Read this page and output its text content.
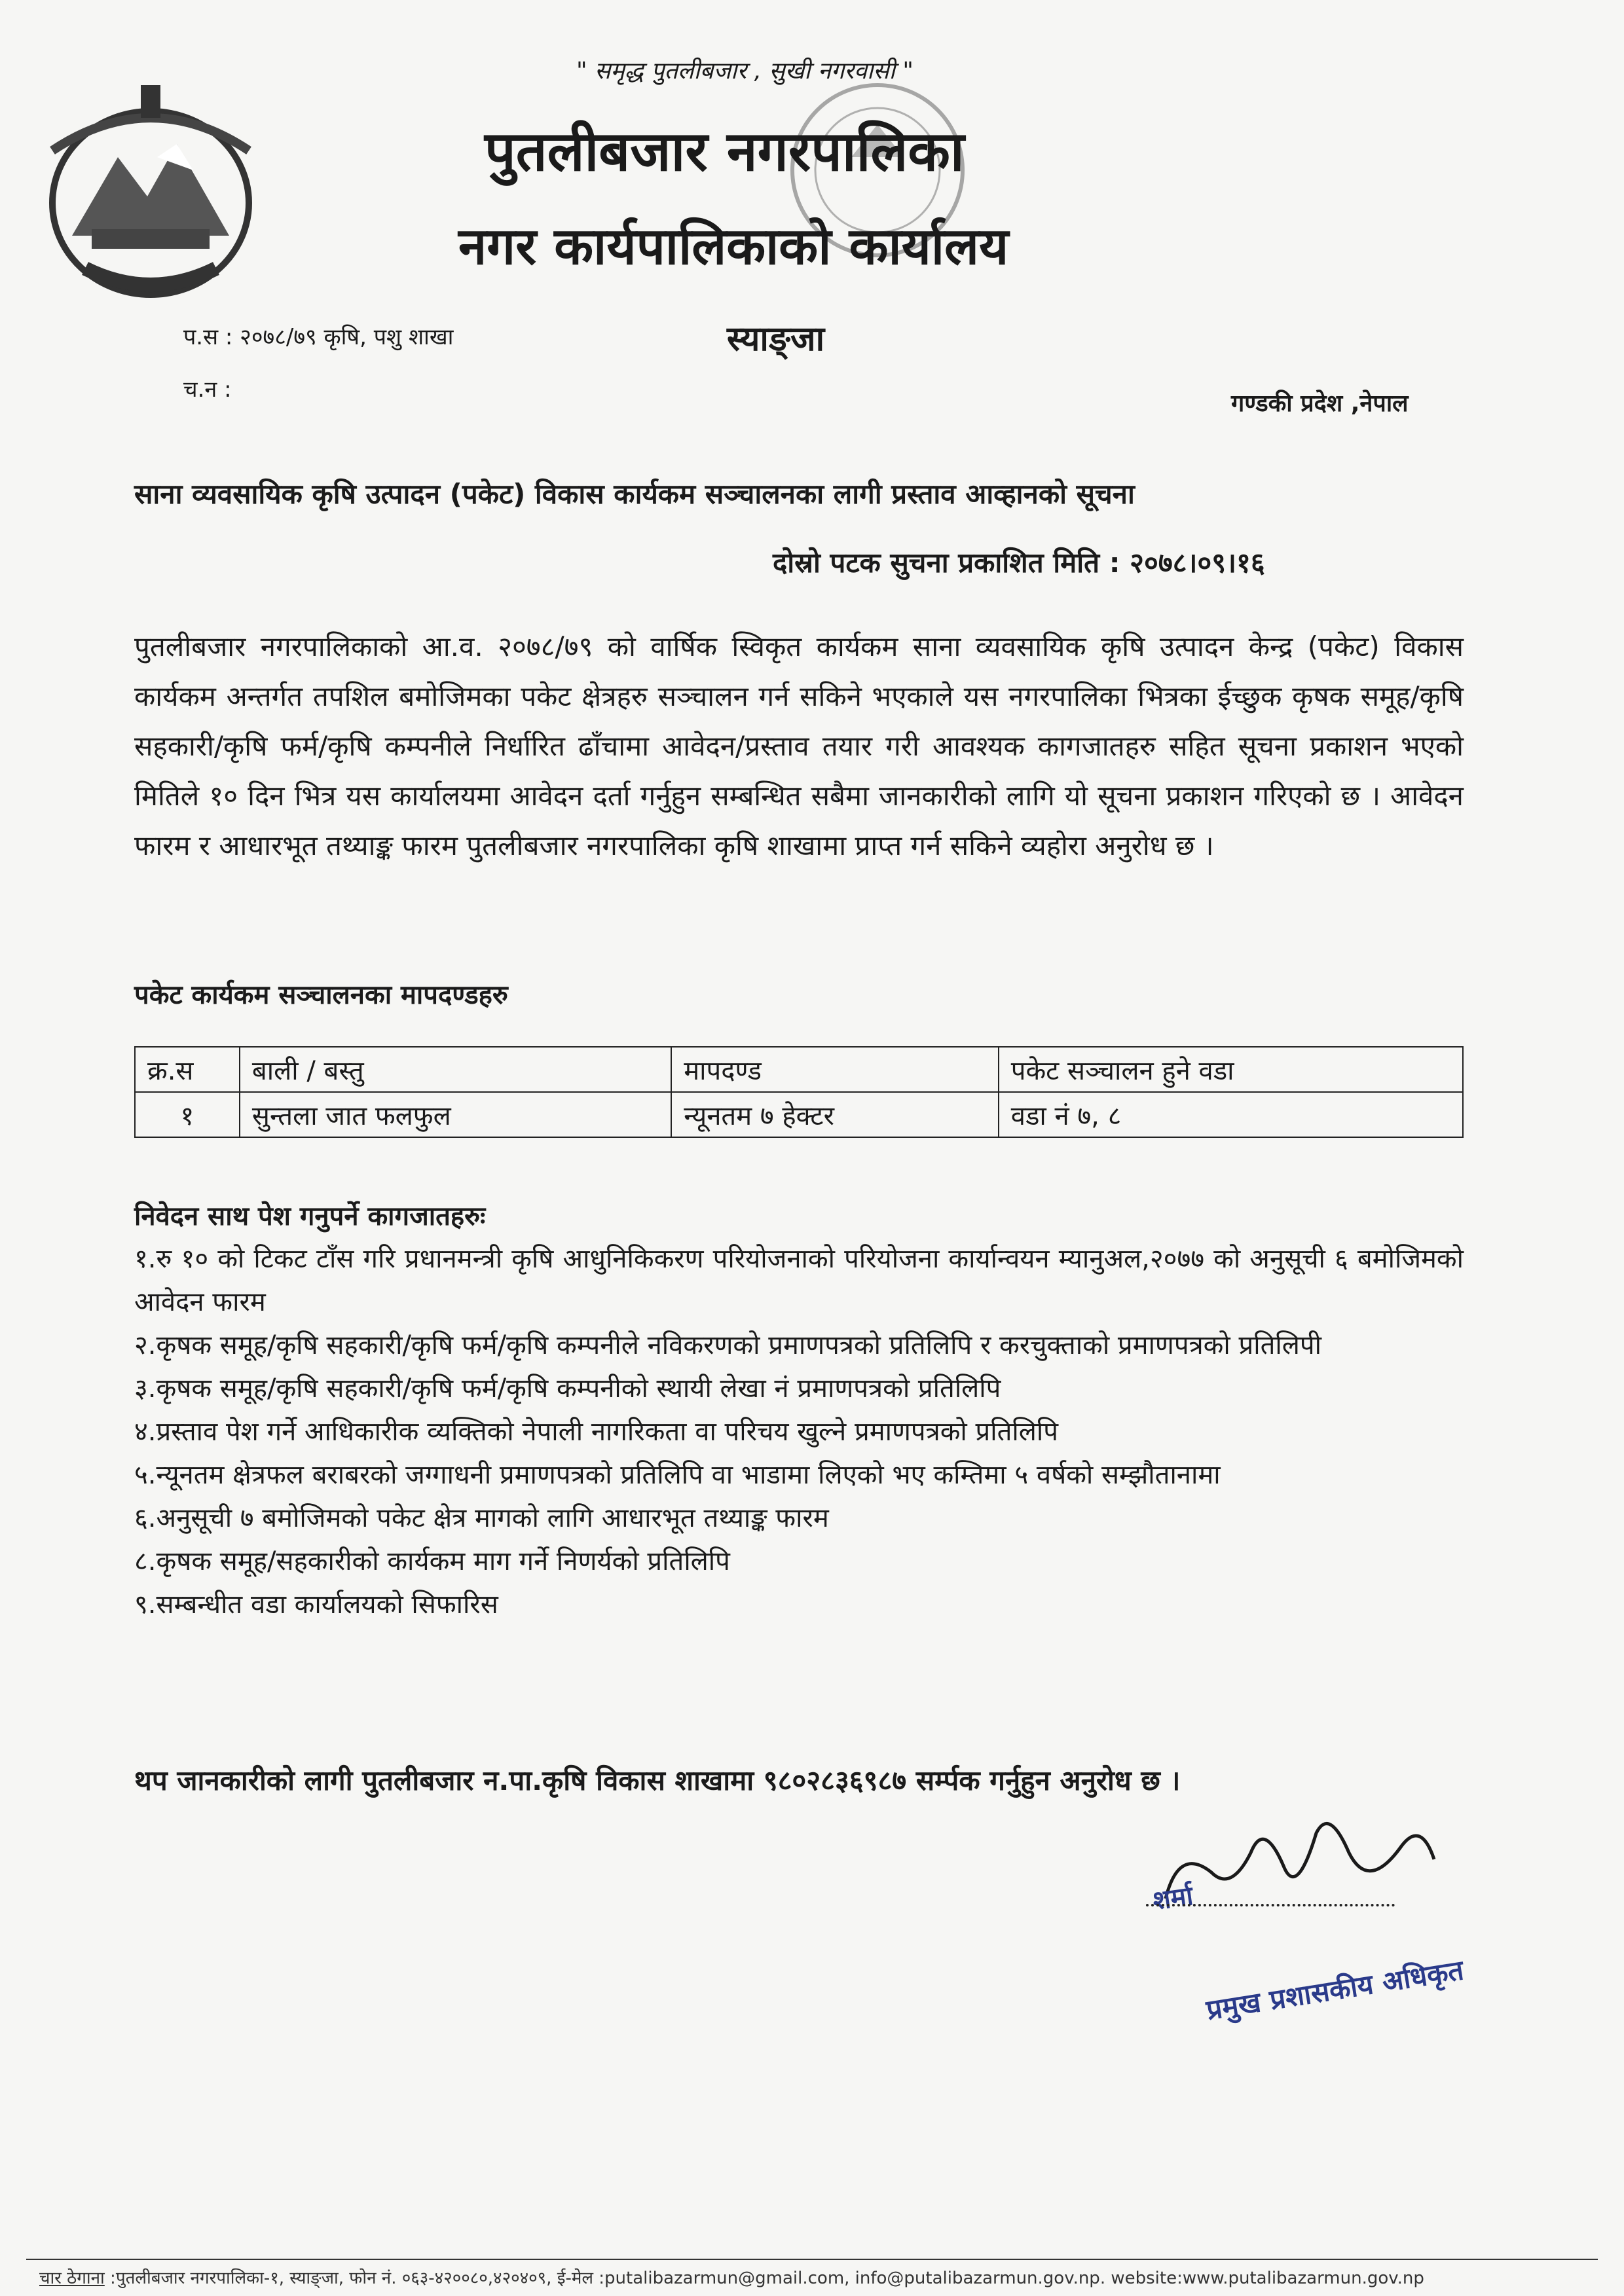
" समृद्ध पुतलीबजार , सुखी नगरवासी "
पुतलीबजार नगरपालिका
नगर कार्यपालिकाको कार्यालय
प.स : २०७८/७९ कृषि, पशु शाखा
च.न :
स्याङ्जा
गण्डकी प्रदेश ,नेपाल
साना व्यवसायिक कृषि उत्पादन (पकेट) विकास कार्यकम सञ्चालनका लागी प्रस्ताव आव्हानको सूचना
दोस्रो पटक सुचना प्रकाशित मिति : २०७८।०९।१६
पुतलीबजार नगरपालिकाको आ.व. २०७८/७९ को वार्षिक स्विकृत कार्यकम साना व्यवसायिक कृषि उत्पादन केन्द्र (पकेट) विकास कार्यकम अन्तर्गत तपशिल बमोजिमका पकेट क्षेत्रहरु सञ्चालन गर्न सकिने भएकाले यस नगरपालिका भित्रका ईच्छुक कृषक समूह/कृषि सहकारी/कृषि फर्म/कृषि कम्पनीले निर्धारित ढाँचामा आवेदन/प्रस्ताव तयार गरी आवश्यक कागजातहरु सहित सूचना प्रकाशन भएको मितिले १० दिन भित्र यस कार्यालयमा आवेदन दर्ता गर्नुहुन सम्बन्धित सबैमा जानकारीको लागि यो सूचना प्रकाशन गरिएको छ । आवेदन फारम र आधारभूत तथ्याङ्क फारम पुतलीबजार नगरपालिका कृषि शाखामा प्राप्त गर्न सकिने व्यहोरा अनुरोध छ ।
पकेट कार्यकम सञ्चालनका मापदण्डहरु
क्र.स	बाली / बस्तु	मापदण्ड	पकेट सञ्चालन हुने वडा
१	सुन्तला जात फलफुल	न्यूनतम ७ हेक्टर	वडा नं ७, ८
निवेदन साथ पेश गनुपर्ने कागजातहरुः
१.रु १० को टिकट टाँस गरि प्रधानमन्त्री कृषि आधुनिकिकरण परियोजनाको परियोजना कार्यान्वयन म्यानुअल,२०७७ को अनुसूची ६ बमोजिमको आवेदन फारम
२.कृषक समूह/कृषि सहकारी/कृषि फर्म/कृषि कम्पनीले नविकरणको प्रमाणपत्रको प्रतिलिपि र करचुक्ताको प्रमाणपत्रको प्रतिलिपी
३.कृषक समूह/कृषि सहकारी/कृषि फर्म/कृषि कम्पनीको स्थायी लेखा नं प्रमाणपत्रको प्रतिलिपि
४.प्रस्ताव पेश गर्ने आधिकारीक व्यक्तिको नेपाली नागरिकता वा परिचय खुल्ने प्रमाणपत्रको प्रतिलिपि
५.न्यूनतम क्षेत्रफल बराबरको जग्गाधनी प्रमाणपत्रको प्रतिलिपि वा भाडामा लिएको भए कम्तिमा ५ वर्षको सम्झौतानामा
६.अनुसूची ७ बमोजिमको पकेट क्षेत्र मागको लागि आधारभूत तथ्याङ्क फारम
८.कृषक समूह/सहकारीको कार्यकम माग गर्ने निणर्यको प्रतिलिपि
९.सम्बन्धीत वडा कार्यालयको सिफारिस
थप जानकारीको लागी पुतलीबजार न.पा.कृषि विकास शाखामा ९८०२८३६९८७ सर्म्पक गर्नुहुन अनुरोध छ ।
शर्मा
प्रमुख प्रशासकीय अधिकृत
चार ठेगाना :पुतलीबजार नगरपालिका-१, स्याङ्जा, फोन नं. ०६३-४२००८०,४२०४०९, ई-मेल :putalibazarmun@gmail.com, info@putalibazarmun.gov.np. website:www.putalibazarmun.gov.np
